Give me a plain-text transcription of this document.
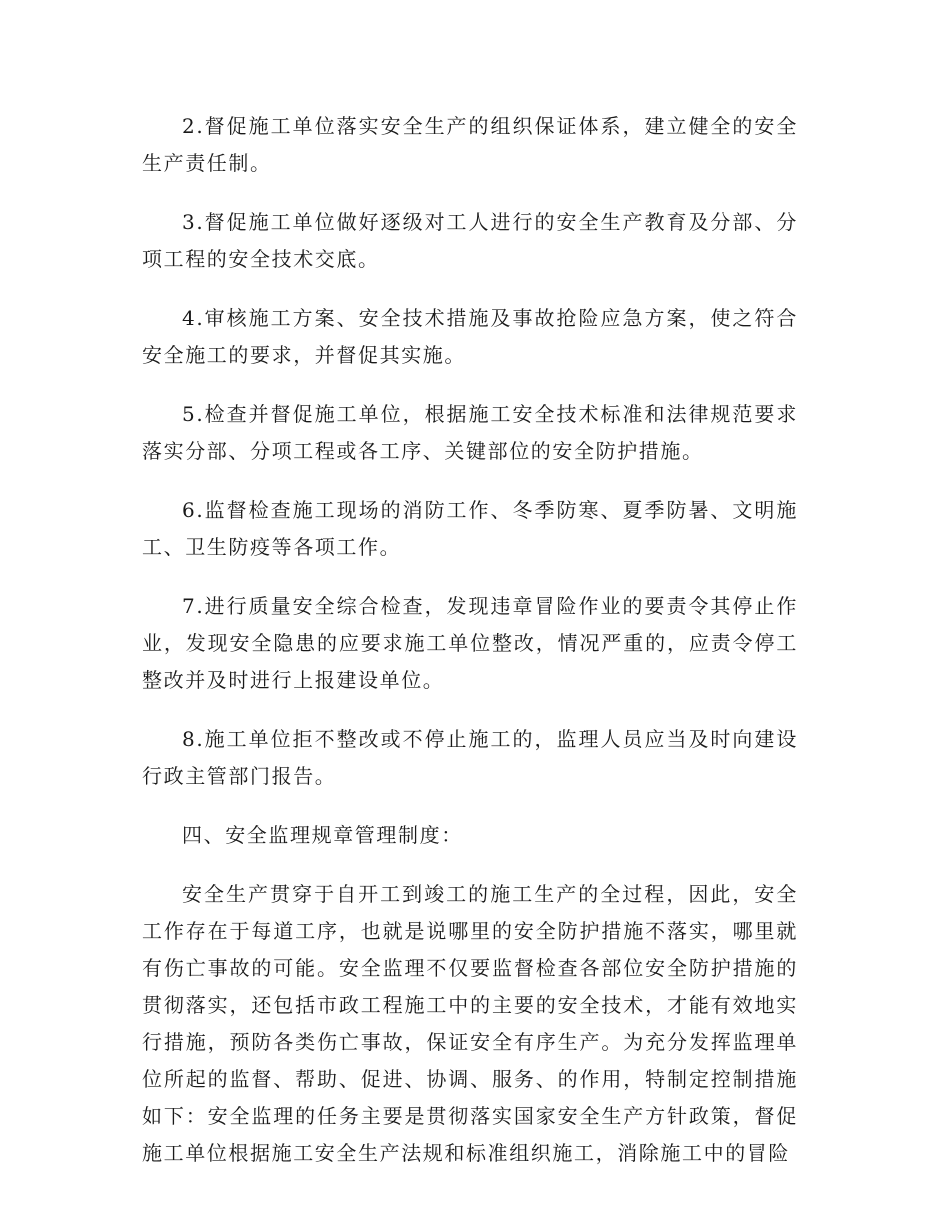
2.督促施工单位落实安全生产的组织保证体系，建立健全的安全生产责任制。

3.督促施工单位做好逐级对工人进行的安全生产教育及分部、分项工程的安全技术交底。

4.审核施工方案、安全技术措施及事故抢险应急方案，使之符合安全施工的要求，并督促其实施。

5.检查并督促施工单位，根据施工安全技术标准和法律规范要求落实分部、分项工程或各工序、关键部位的安全防护措施。

6.监督检查施工现场的消防工作、冬季防寒、夏季防暑、文明施工、卫生防疫等各项工作。

7.进行质量安全综合检查，发现违章冒险作业的要责令其停止作业，发现安全隐患的应要求施工单位整改，情况严重的，应责令停工整改并及时进行上报建设单位。

8.施工单位拒不整改或不停止施工的，监理人员应当及时向建设行政主管部门报告。

四、安全监理规章管理制度：

安全生产贯穿于自开工到竣工的施工生产的全过程，因此，安全工作存在于每道工序，也就是说哪里的安全防护措施不落实，哪里就有伤亡事故的可能。安全监理不仅要监督检查各部位安全防护措施的贯彻落实，还包括市政工程施工中的主要的安全技术，才能有效地实行措施，预防各类伤亡事故，保证安全有序生产。为充分发挥监理单位所起的监督、帮助、促进、协调、服务、的作用，特制定控制措施如下：安全监理的任务主要是贯彻落实国家安全生产方针政策，督促施工单位根据施工安全生产法规和标准组织施工，消除施工中的冒险
